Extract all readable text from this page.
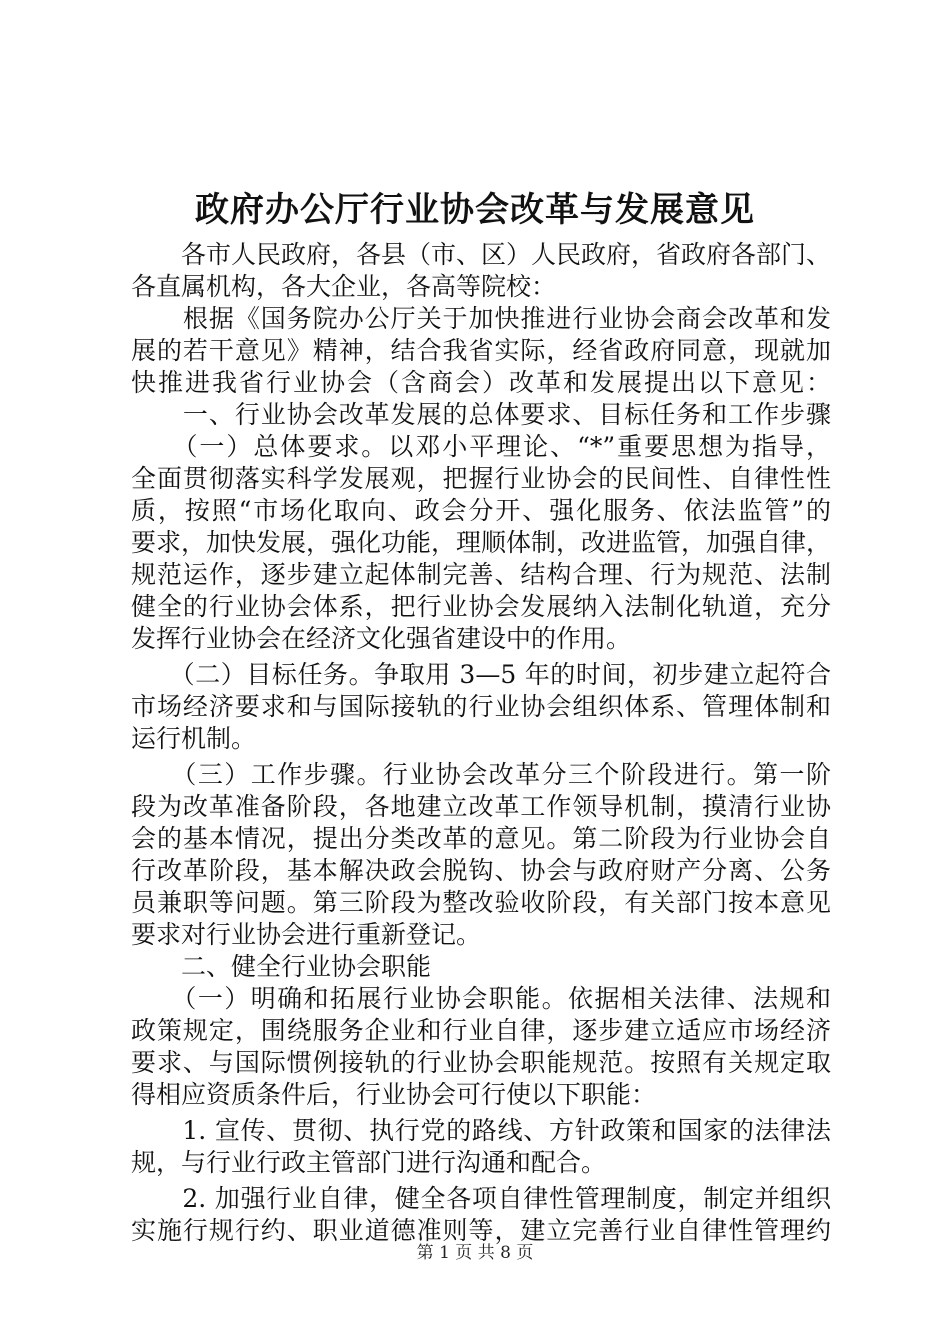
政府办公厅行业协会改革与发展意见
　　各市人民政府，各县（市、区）人民政府，省政府各部门、
各直属机构，各大企业，各高等院校：
　　根据《国务院办公厅关于加快推进行业协会商会改革和发
展的若干意见》精神，结合我省实际，经省政府同意，现就加
快推进我省行业协会（含商会）改革和发展提出以下意见：
　　一、行业协会改革发展的总体要求、目标任务和工作步骤
　　（一）总体要求。以邓小平理论、“*”重要思想为指导，
全面贯彻落实科学发展观，把握行业协会的民间性、自律性性
质，按照“市场化取向、政会分开、强化服务、依法监管”的
要求，加快发展，强化功能，理顺体制，改进监管，加强自律，
规范运作，逐步建立起体制完善、结构合理、行为规范、法制
健全的行业协会体系，把行业协会发展纳入法制化轨道，充分
发挥行业协会在经济文化强省建设中的作用。
　　（二）目标任务。争取用 3—5 年的时间，初步建立起符合
市场经济要求和与国际接轨的行业协会组织体系、管理体制和
运行机制。
　　（三）工作步骤。行业协会改革分三个阶段进行。第一阶
段为改革准备阶段，各地建立改革工作领导机制，摸清行业协
会的基本情况，提出分类改革的意见。第二阶段为行业协会自
行改革阶段，基本解决政会脱钩、协会与政府财产分离、公务
员兼职等问题。第三阶段为整改验收阶段，有关部门按本意见
要求对行业协会进行重新登记。
　　二、健全行业协会职能
　　（一）明确和拓展行业协会职能。依据相关法律、法规和
政策规定，围绕服务企业和行业自律，逐步建立适应市场经济
要求、与国际惯例接轨的行业协会职能规范。按照有关规定取
得相应资质条件后，行业协会可行使以下职能：
　　1. 宣传、贯彻、执行党的路线、方针政策和国家的法律法
规，与行业行政主管部门进行沟通和配合。
　　2. 加强行业自律，健全各项自律性管理制度，制定并组织
实施行规行约、职业道德准则等，建立完善行业自律性管理约
第 1 页 共 8 页
